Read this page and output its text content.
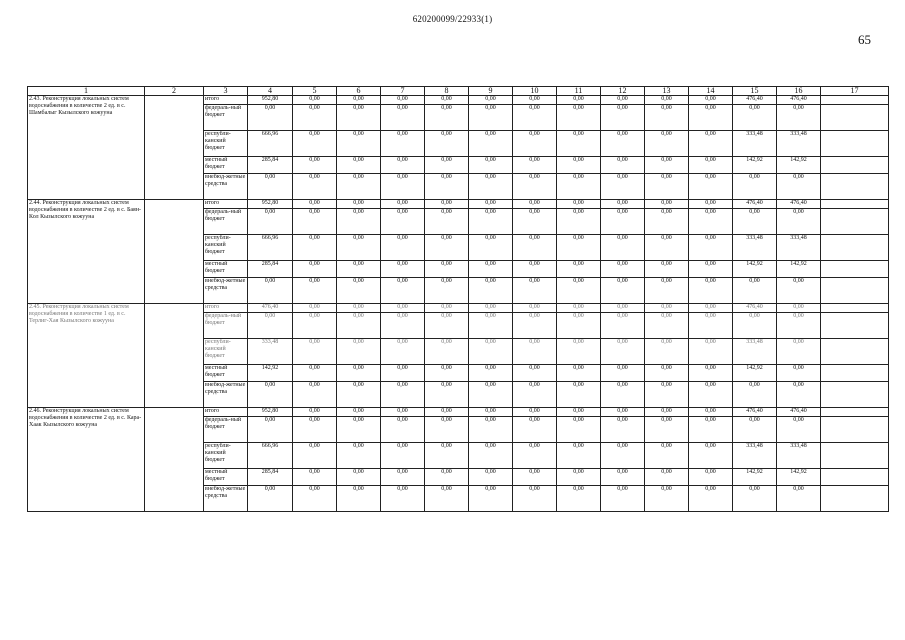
620200099/22933(1)
65
1	2	3	4	5	6	7	8	9	10	11	12	13	14	15	16	17
2.43. Реконструкция локальных систем водоснабжения в количестве 2 ед. в с. Шамбалыг Кызылского кожууна		итого	952,80	0,00	0,00	0,00	0,00	0,00	0,00	0,00	0,00	0,00	0,00	476,40	476,40	
		федераль-ный бюджет	0,00	0,00	0,00	0,00	0,00	0,00	0,00	0,00	0,00	0,00	0,00	0,00	0,00	
		республи-канский бюджет	666,96	0,00	0,00	0,00	0,00	0,00	0,00	0,00	0,00	0,00	0,00	333,48	333,48	
		местный бюджет	285,84	0,00	0,00	0,00	0,00	0,00	0,00	0,00	0,00	0,00	0,00	142,92	142,92	
		внебюд-жетные средства	0,00	0,00	0,00	0,00	0,00	0,00	0,00	0,00	0,00	0,00	0,00	0,00	0,00	
2.44. Реконструкция локальных систем водоснабжения в количестве 2 ед. в с. Баян-Кол Кызылского кожууна		итого	952,80	0,00	0,00	0,00	0,00	0,00	0,00	0,00	0,00	0,00	0,00	476,40	476,40	
		федераль-ный бюджет	0,00	0,00	0,00	0,00	0,00	0,00	0,00	0,00	0,00	0,00	0,00	0,00	0,00	
		республи-канский бюджет	666,96	0,00	0,00	0,00	0,00	0,00	0,00	0,00	0,00	0,00	0,00	333,48	333,48	
		местный бюджет	285,84	0,00	0,00	0,00	0,00	0,00	0,00	0,00	0,00	0,00	0,00	142,92	142,92	
		внебюд-жетные средства	0,00	0,00	0,00	0,00	0,00	0,00	0,00	0,00	0,00	0,00	0,00	0,00	0,00	
2.45. Реконструкция локальных систем водоснабжения в количестве 1 ед. в с. Терлиг-Хая Кызылского кожууна		итого	476,40	0,00	0,00	0,00	0,00	0,00	0,00	0,00	0,00	0,00	0,00	476,40	0,00	
		федераль-ный бюджет	0,00	0,00	0,00	0,00	0,00	0,00	0,00	0,00	0,00	0,00	0,00	0,00	0,00	
		республи-канский бюджет	333,48	0,00	0,00	0,00	0,00	0,00	0,00	0,00	0,00	0,00	0,00	333,48	0,00	
		местный бюджет	142,92	0,00	0,00	0,00	0,00	0,00	0,00	0,00	0,00	0,00	0,00	142,92	0,00	
		внебюд-жетные средства	0,00	0,00	0,00	0,00	0,00	0,00	0,00	0,00	0,00	0,00	0,00	0,00	0,00	
2.46. Реконструкция локальных систем водоснабжения в количестве 2 ед. в с. Кара-Хаак Кызылского кожууна		итого	952,80	0,00	0,00	0,00	0,00	0,00	0,00	0,00	0,00	0,00	0,00	476,40	476,40	
		федераль-ный бюджет	0,00	0,00	0,00	0,00	0,00	0,00	0,00	0,00	0,00	0,00	0,00	0,00	0,00	
		республи-канский бюджет	666,96	0,00	0,00	0,00	0,00	0,00	0,00	0,00	0,00	0,00	0,00	333,48	333,48	
		местный бюджет	285,84	0,00	0,00	0,00	0,00	0,00	0,00	0,00	0,00	0,00	0,00	142,92	142,92	
		внебюд-жетные средства	0,00	0,00	0,00	0,00	0,00	0,00	0,00	0,00	0,00	0,00	0,00	0,00	0,00	
